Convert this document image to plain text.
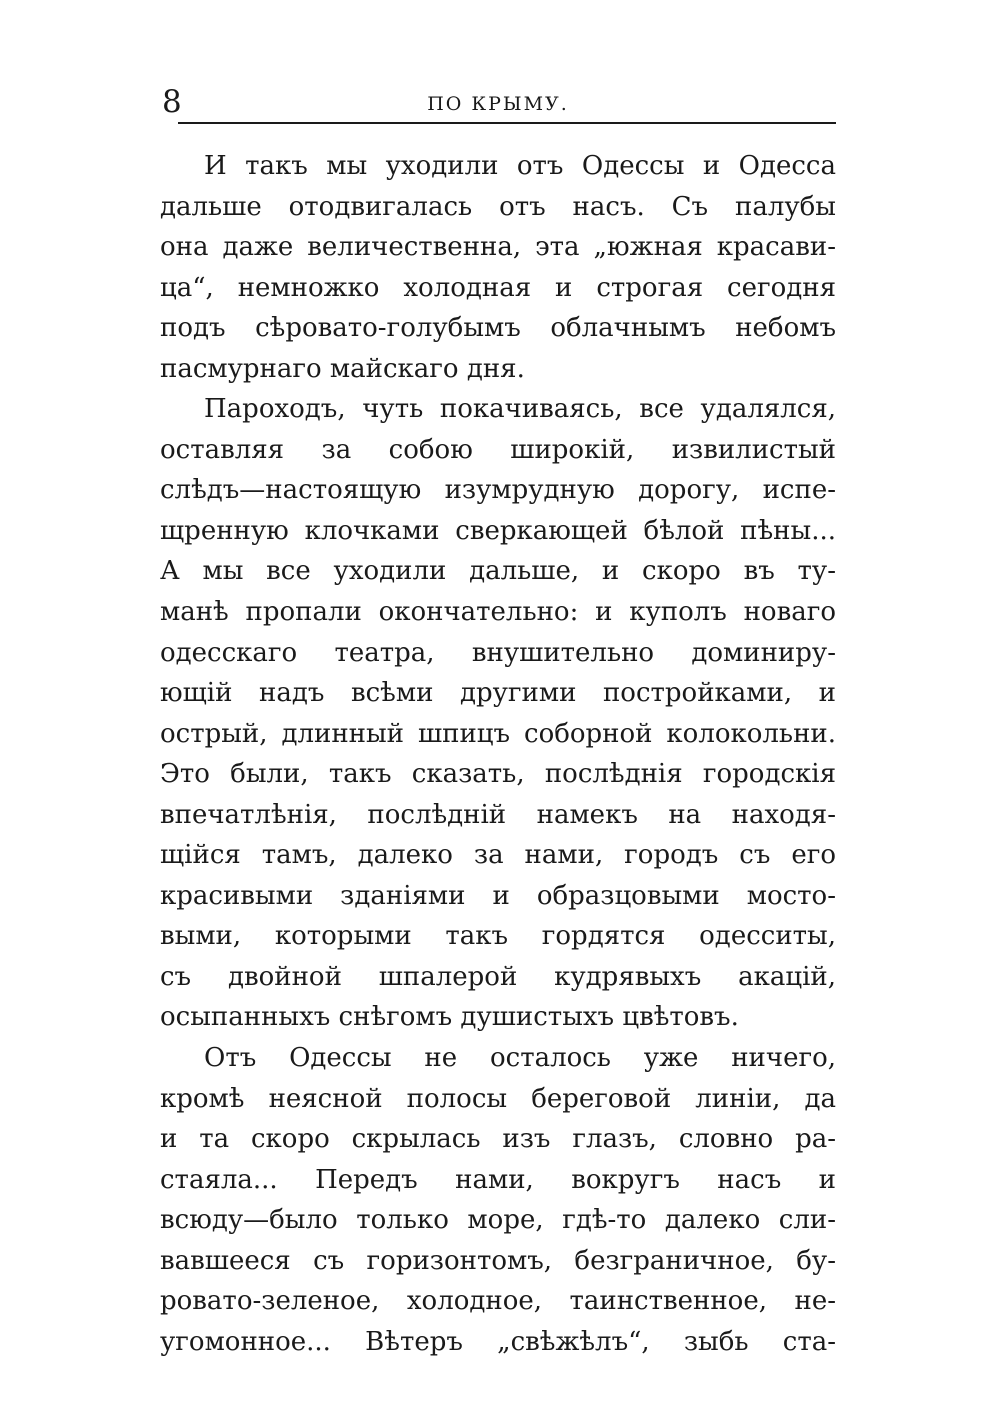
8	ПО КРЫМУ.
И такъ мы уходили отъ Одессы и Одесса
дальше отодвигалась отъ насъ. Съ палубы
она даже величественна, эта „южная красави-
ца“, немножко холодная и строгая сегодня
подъ сѣровато-голубымъ облачнымъ небомъ
пасмурнаго майскаго дня.
Пароходъ, чуть покачиваясь, все удалялся,
оставляя за собою широкій, извилистый
слѣдъ—настоящую изумрудную дорогу, испе-
щренную клочками сверкающей бѣлой пѣны...
А мы все уходили дальше, и скоро въ ту-
манѣ пропали окончательно: и куполъ новаго
одесскаго театра, внушительно доминиру-
ющій надъ всѣми другими постройками, и
острый, длинный шпицъ соборной колокольни.
Это были, такъ сказать, послѣднія городскія
впечатлѣнія, послѣдній намекъ на находя-
щійся тамъ, далеко за нами, городъ съ его
красивыми зданіями и образцовыми мосто-
выми, которыми такъ гордятся одесситы,
съ двойной шпалерой кудрявыхъ акацій,
осыпанныхъ снѣгомъ душистыхъ цвѣтовъ.
Отъ Одессы не осталось уже ничего,
кромѣ неясной полосы береговой линіи, да
и та скоро скрылась изъ глазъ, словно ра-
стаяла... Передъ нами, вокругъ насъ и
всюду—было только море, гдѣ-то далеко сли-
вавшееся съ горизонтомъ, безграничное, бу-
ровато-зеленое, холодное, таинственное, не-
угомонное... Вѣтеръ „свѣжѣлъ“, зыбь ста-
